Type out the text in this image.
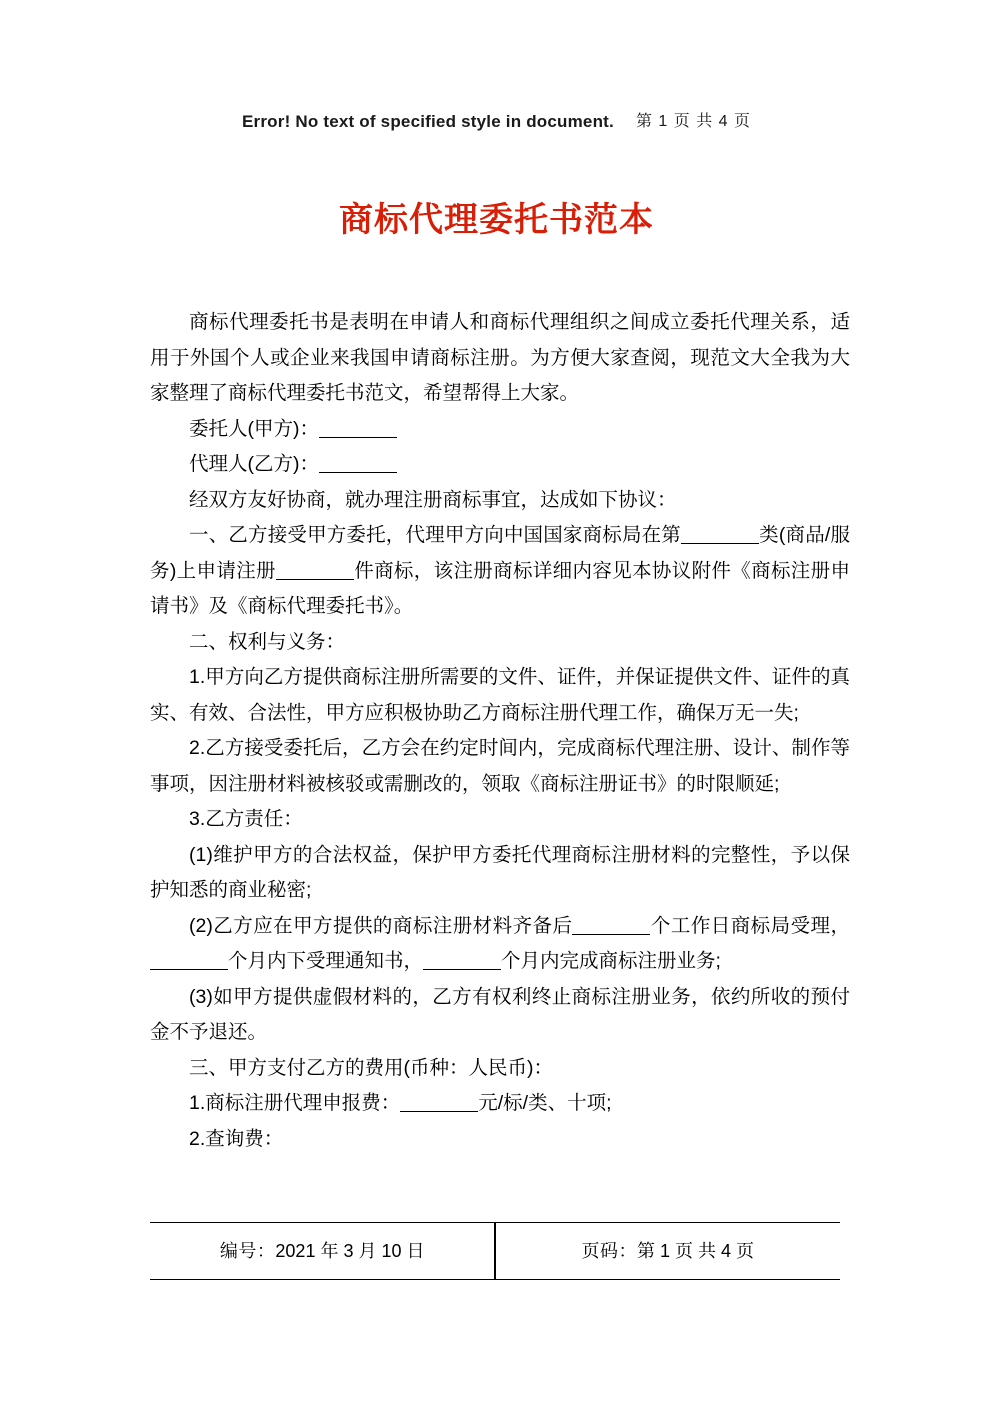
Error! No text of specified style in document. 第 1 页 共 4 页
商标代理委托书范本

商标代理委托书是表明在申请人和商标代理组织之间成立委托代理关系，适用于外国个人或企业来我国申请商标注册。为方便大家查阅，现范文大全我为大家整理了商标代理委托书范文，希望帮得上大家。

委托人(甲方)：

代理人(乙方)：

经双方友好协商，就办理注册商标事宜，达成如下协议：

一、乙方接受甲方委托，代理甲方向中国国家商标局在第	类(商品/服务)上申请注册	件商标，该注册商标详细内容见本协议附件《商标注册申请书》及《商标代理委托书》。

二、权利与义务：

1.甲方向乙方提供商标注册所需要的文件、证件，并保证提供文件、证件的真实、有效、合法性，甲方应积极协助乙方商标注册代理工作，确保万无一失;

2.乙方接受委托后，乙方会在约定时间内，完成商标代理注册、设计、制作等事项，因注册材料被核驳或需删改的，领取《商标注册证书》的时限顺延;

3.乙方责任：

(1)维护甲方的合法权益，保护甲方委托代理商标注册材料的完整性，予以保护知悉的商业秘密;

(2)乙方应在甲方提供的商标注册材料齐备后	个工作日商标局受理，个月内下受理通知书，	个月内完成商标注册业务;

(3)如甲方提供虚假材料的，乙方有权利终止商标注册业务，依约所收的预付金不予退还。

三、甲方支付乙方的费用(币种：人民币)：

1.商标注册代理申报费：	元/标/类、十项;

2.查询费：

编号：2021 年 3 月 10 日	页码：第 1 页 共 4 页
